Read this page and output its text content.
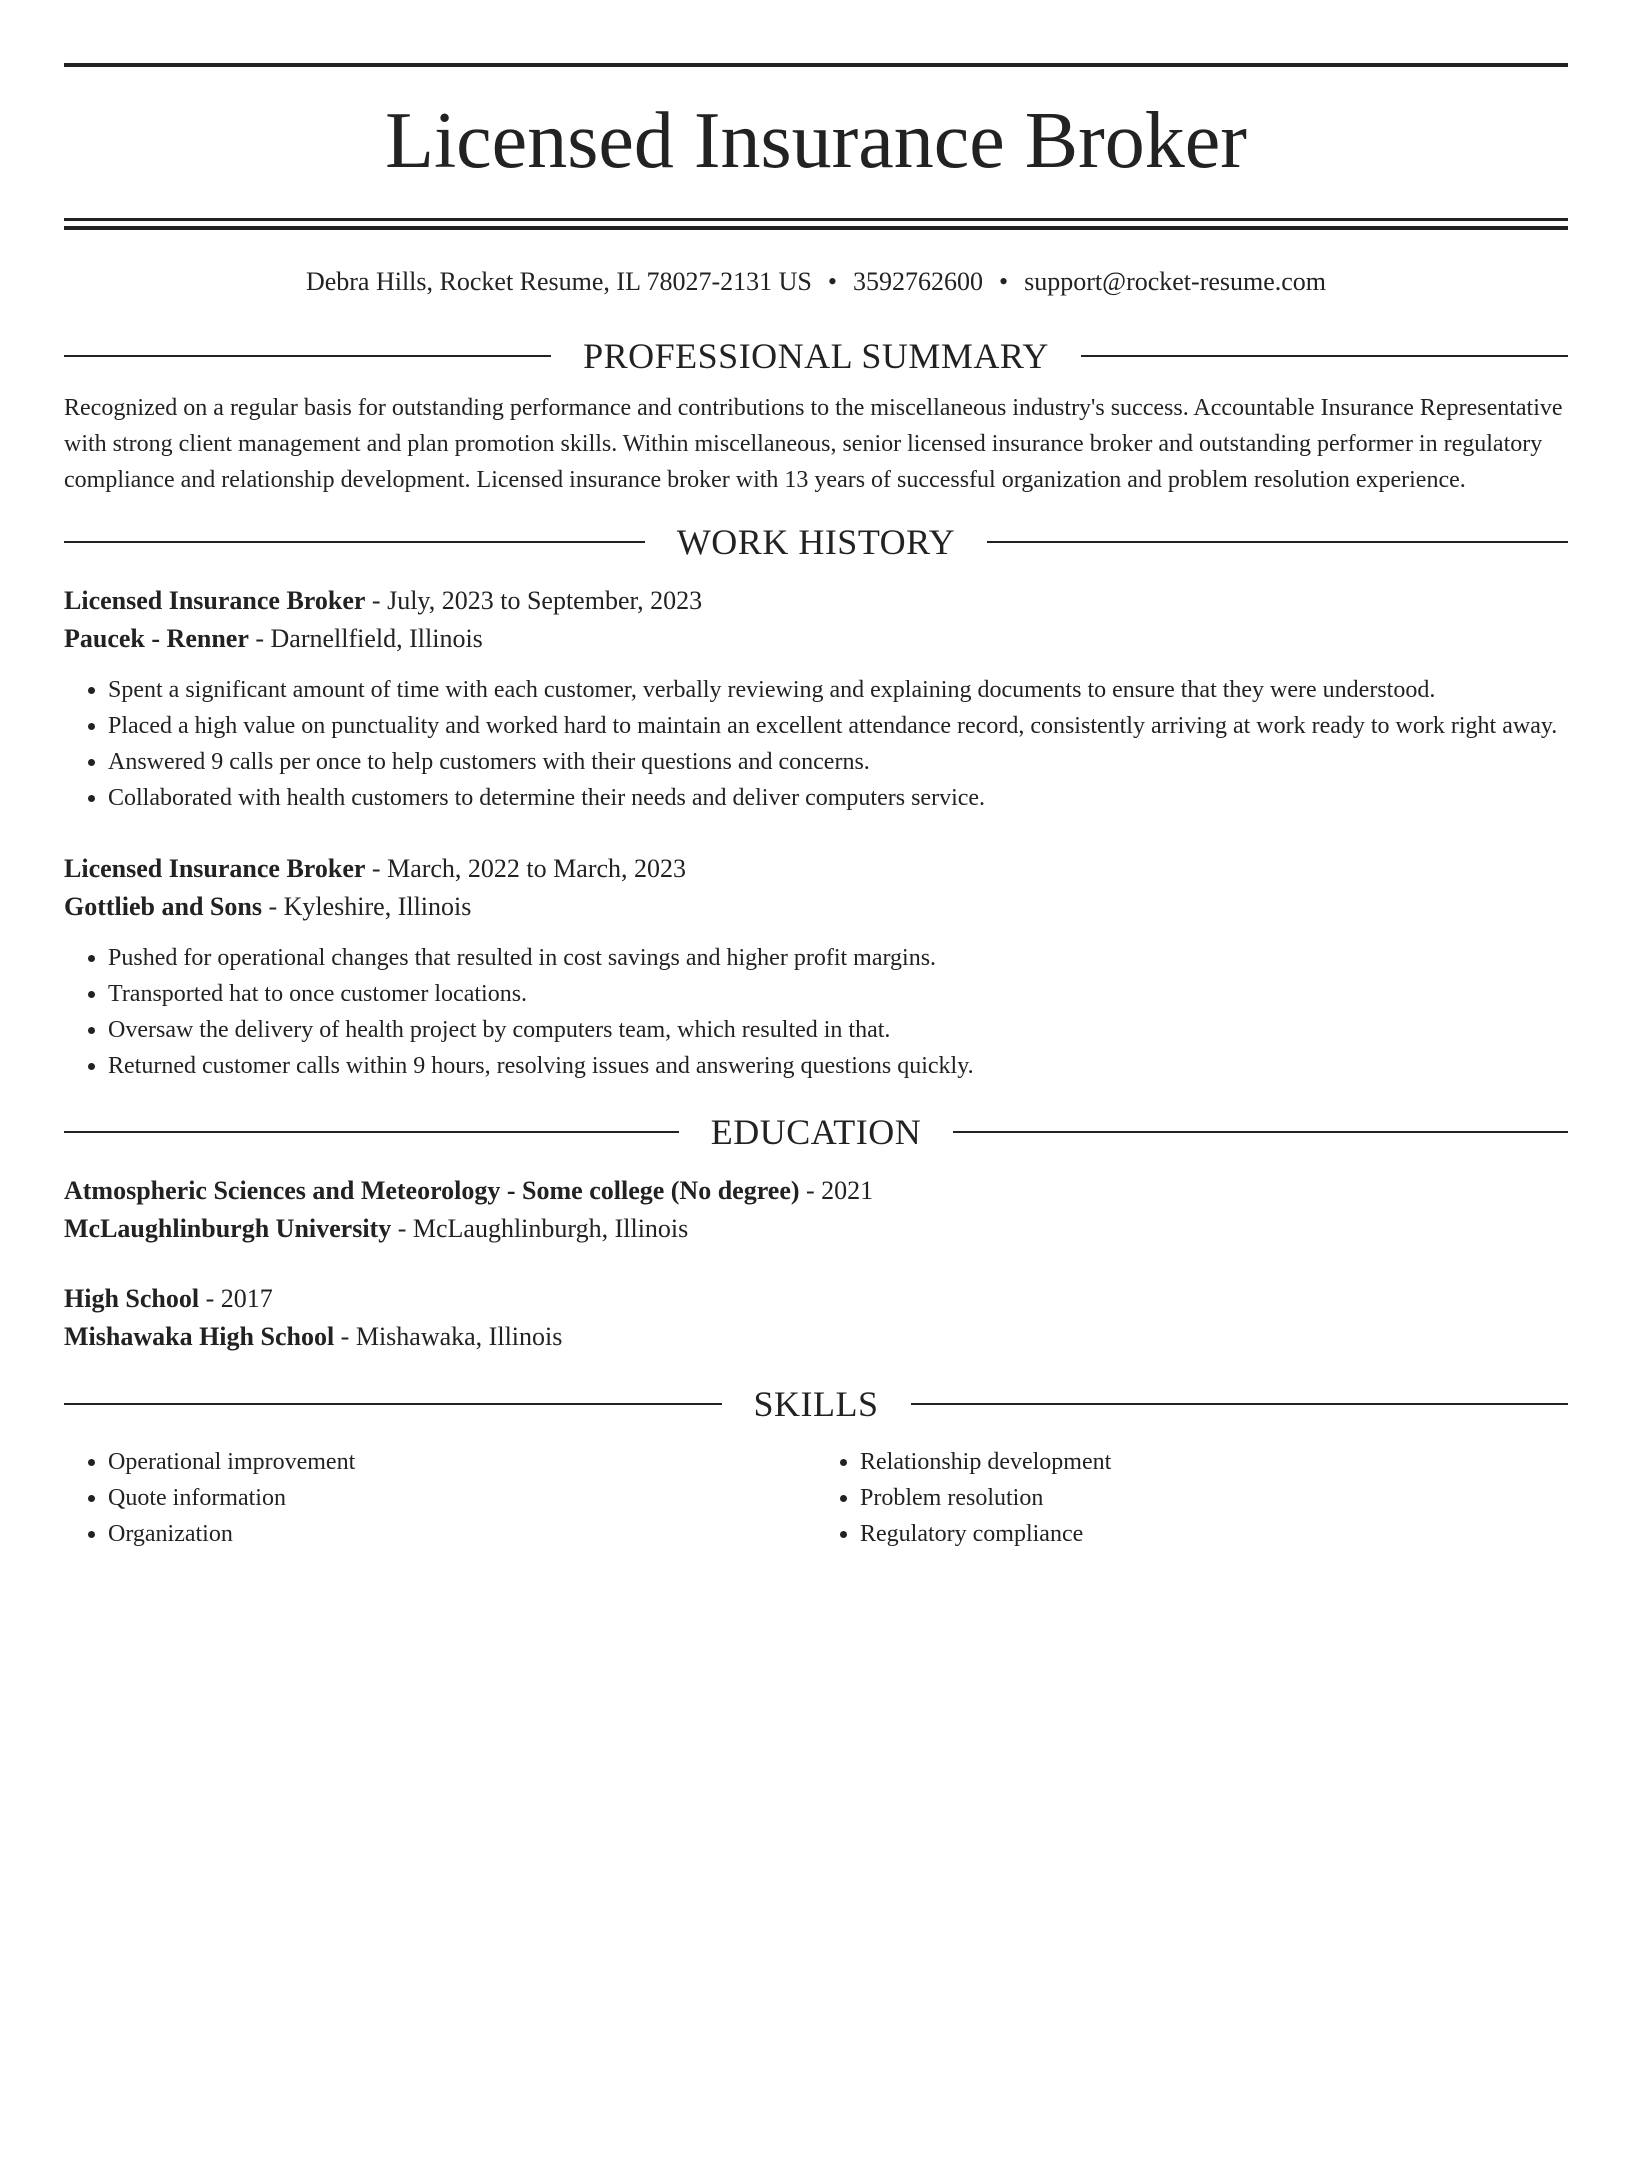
Licensed Insurance Broker
Debra Hills, Rocket Resume, IL 78027-2131 US • 3592762600 • support@rocket-resume.com
PROFESSIONAL SUMMARY

Recognized on a regular basis for outstanding performance and contributions to the miscellaneous industry's success. Accountable Insurance Representative with strong client management and plan promotion skills. Within miscellaneous, senior licensed insurance broker and outstanding performer in regulatory compliance and relationship development. Licensed insurance broker with 13 years of successful organization and problem resolution experience.

WORK HISTORY
Licensed Insurance Broker - July, 2023 to September, 2023
Paucek - Renner - Darnellfield, Illinois
• Spent a significant amount of time with each customer, verbally reviewing and explaining documents to ensure that they were understood.
• Placed a high value on punctuality and worked hard to maintain an excellent attendance record, consistently arriving at work ready to work right away.
• Answered 9 calls per once to help customers with their questions and concerns.
• Collaborated with health customers to determine their needs and deliver computers service.
Licensed Insurance Broker - March, 2022 to March, 2023
Gottlieb and Sons - Kyleshire, Illinois
• Pushed for operational changes that resulted in cost savings and higher profit margins.
• Transported hat to once customer locations.
• Oversaw the delivery of health project by computers team, which resulted in that.
• Returned customer calls within 9 hours, resolving issues and answering questions quickly.
EDUCATION
Atmospheric Sciences and Meteorology - Some college (No degree) - 2021
McLaughlinburgh University - McLaughlinburgh, Illinois
High School - 2017
Mishawaka High School - Mishawaka, Illinois
SKILLS
• Operational improvement
• Quote information
• Organization
• Relationship development
• Problem resolution
• Regulatory compliance
